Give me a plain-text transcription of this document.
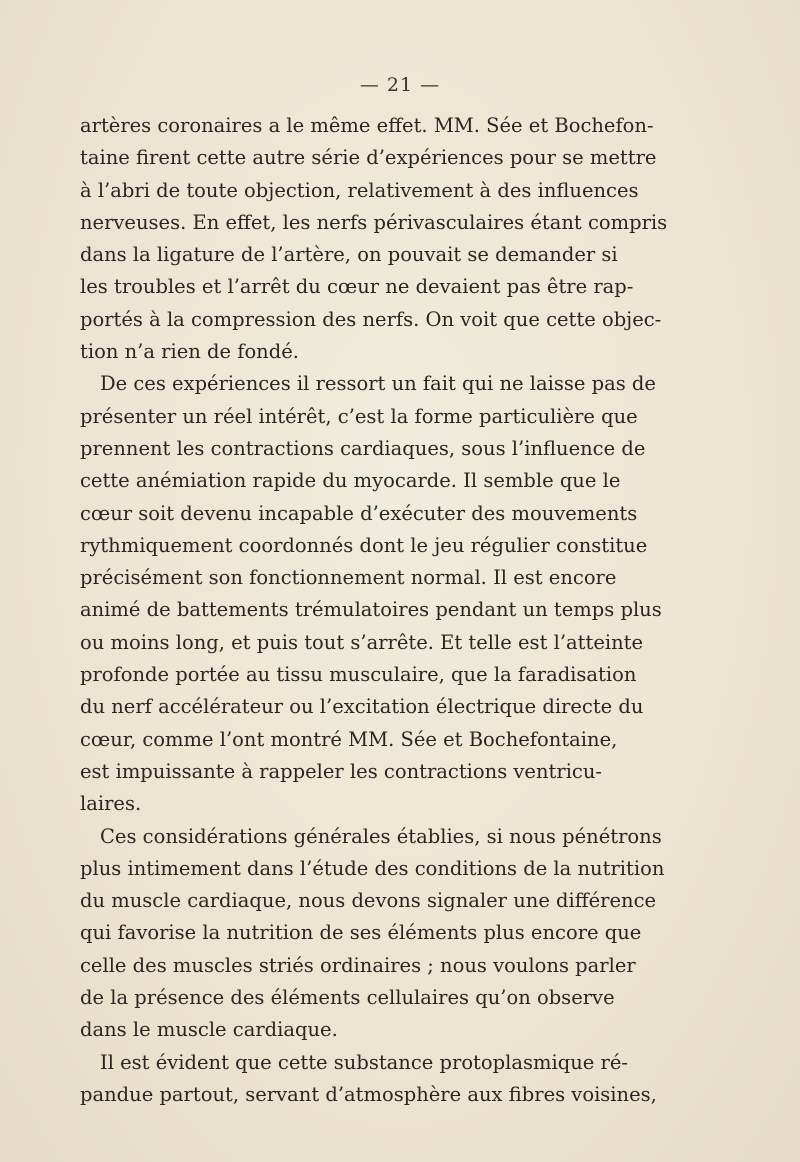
— 21 —
artères coronaires a le même effet. MM. Sée et Bochefon-
taine firent cette autre série d’expériences pour se mettre
à l’abri de toute objection, relativement à des influences
nerveuses. En effet, les nerfs périvasculaires étant compris
dans la ligature de l’artère, on pouvait se demander si
les troubles et l’arrêt du cœur ne devaient pas être rap-
portés à la compression des nerfs. On voit que cette objec-
tion n’a rien de fondé.
De ces expériences il ressort un fait qui ne laisse pas de
présenter un réel intérêt, c’est la forme particulière que
prennent les contractions cardiaques, sous l’influence de
cette anémiation rapide du myocarde. Il semble que le
cœur soit devenu incapable d’exécuter des mouvements
rythmiquement coordonnés dont le jeu régulier constitue
précisément son fonctionnement normal. Il est encore
animé de battements trémulatoires pendant un temps plus
ou moins long, et puis tout s’arrête. Et telle est l’atteinte
profonde portée au tissu musculaire, que la faradisation
du nerf accélérateur ou l’excitation électrique directe du
cœur, comme l’ont montré MM. Sée et Bochefontaine,
est impuissante à rappeler les contractions ventricu-
laires.
Ces considérations générales établies, si nous pénétrons
plus intimement dans l’étude des conditions de la nutrition
du muscle cardiaque, nous devons signaler une différence
qui favorise la nutrition de ses éléments plus encore que
celle des muscles striés ordinaires ; nous voulons parler
de la présence des éléments cellulaires qu’on observe
dans le muscle cardiaque.
Il est évident que cette substance protoplasmique ré-
pandue partout, servant d’atmosphère aux fibres voisines,
